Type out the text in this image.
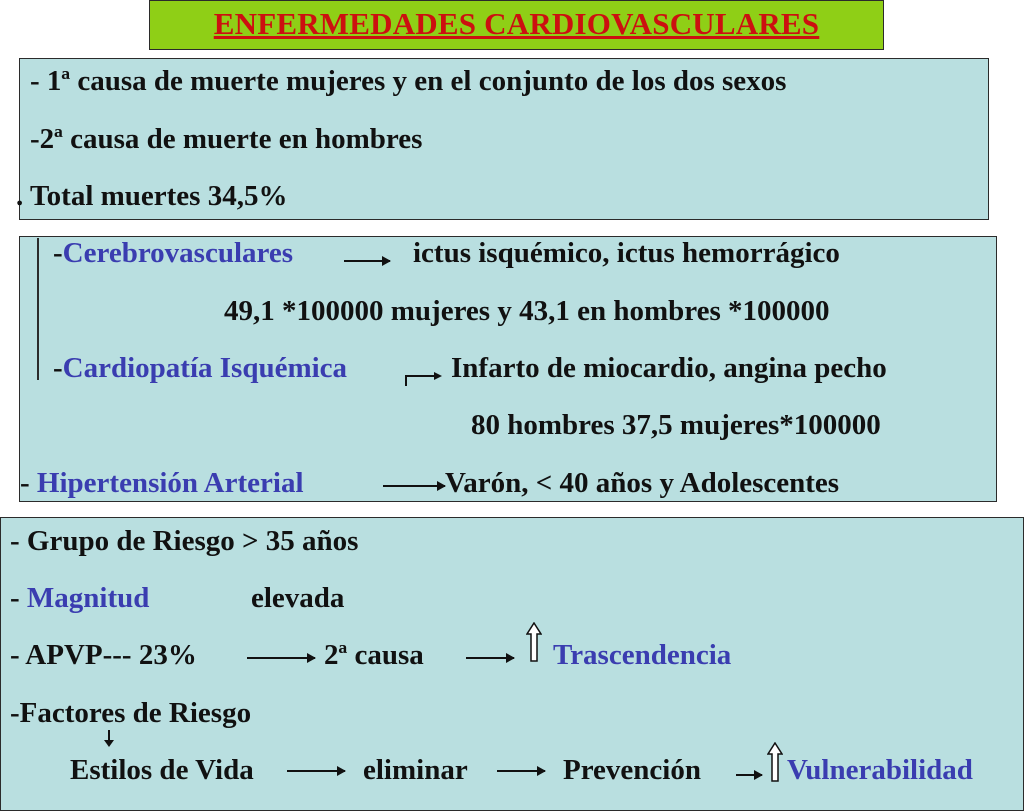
ENFERMEDADES CARDIOVASCULARES
- 1ª causa de muerte mujeres y en el conjunto de los dos sexos
-2ª causa de muerte en hombres
. Total muertes 34,5%
-Cerebrovasculares	ictus isquémico, ictus hemorrágico
49,1 *100000 mujeres y 43,1 en hombres *100000
-Cardiopatía Isquémica	Infarto de miocardio, angina pecho
80 hombres 37,5 mujeres*100000
- Hipertensión Arterial	Varón, < 40 años y Adolescentes
- Grupo de Riesgo > 35 años
- Magnitud	elevada
- APVP--- 23%	2ª causa	Trascendencia
-Factores de Riesgo
Estilos de Vida	eliminar	Prevención	Vulnerabilidad
